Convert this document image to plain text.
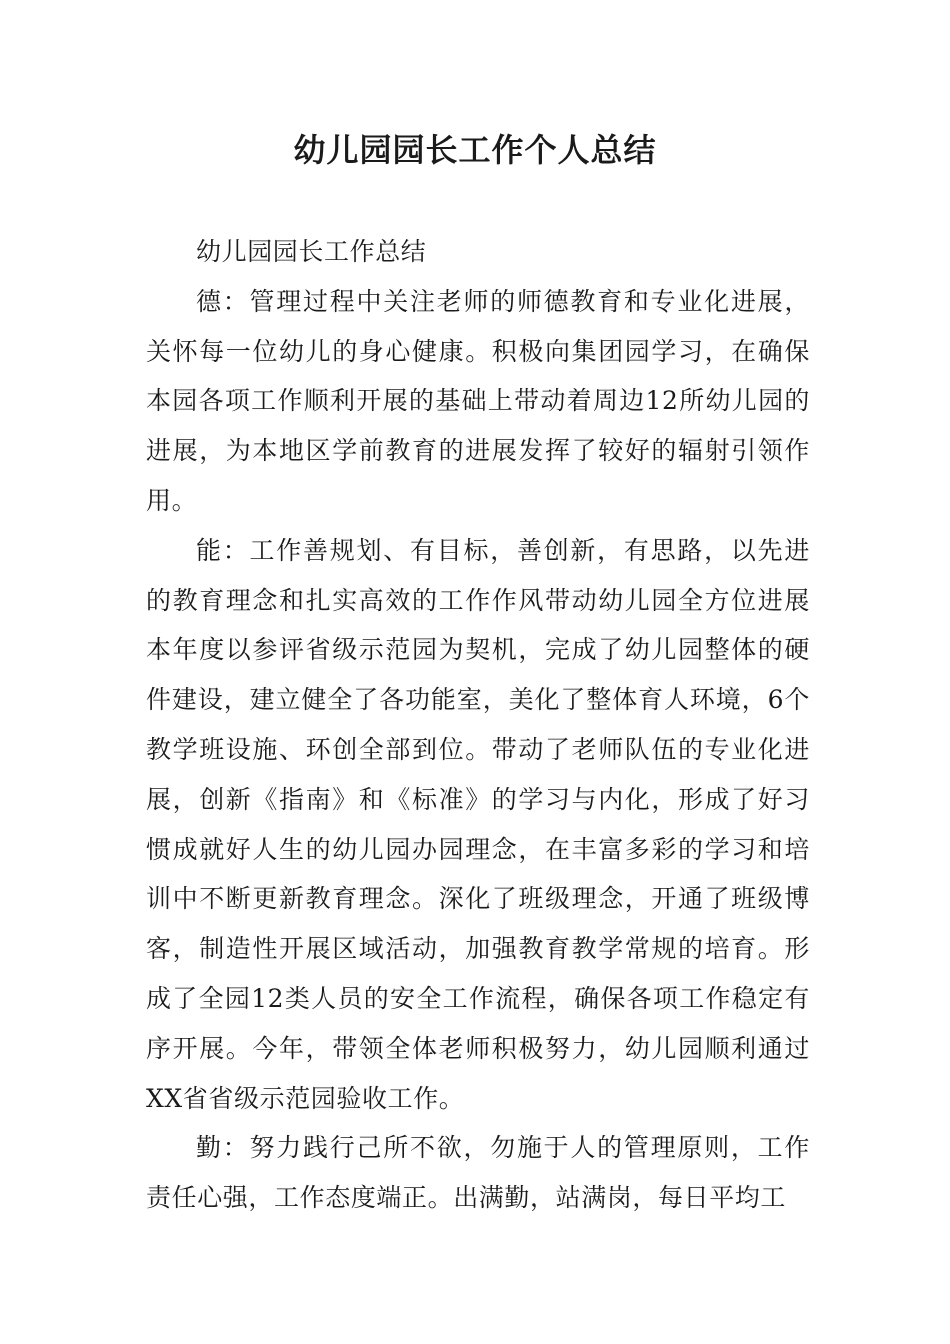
幼儿园园长工作个人总结

幼儿园园长工作总结

德：管理过程中关注老师的师德教育和专业化进展，关怀每一位幼儿的身心健康。积极向集团园学习，在确保本园各项工作顺利开展的基础上带动着周边12所幼儿园的进展，为本地区学前教育的进展发挥了较好的辐射引领作用。

能：工作善规划、有目标，善创新，有思路，以先进的教育理念和扎实高效的工作作风带动幼儿园全方位进展本年度以参评省级示范园为契机，完成了幼儿园整体的硬件建设，建立健全了各功能室，美化了整体育人环境，6个教学班设施、环创全部到位。带动了老师队伍的专业化进展，创新《指南》和《标准》的学习与内化，形成了好习惯成就好人生的幼儿园办园理念，在丰富多彩的学习和培训中不断更新教育理念。深化了班级理念，开通了班级博客，制造性开展区域活动，加强教育教学常规的培育。形成了全园12类人员的安全工作流程，确保各项工作稳定有序开展。今年，带领全体老师积极努力，幼儿园顺利通过XX省省级示范园验收工作。

勤：努力践行己所不欲，勿施于人的管理原则，工作责任心强，工作态度端正。出满勤，站满岗，每日平均工
